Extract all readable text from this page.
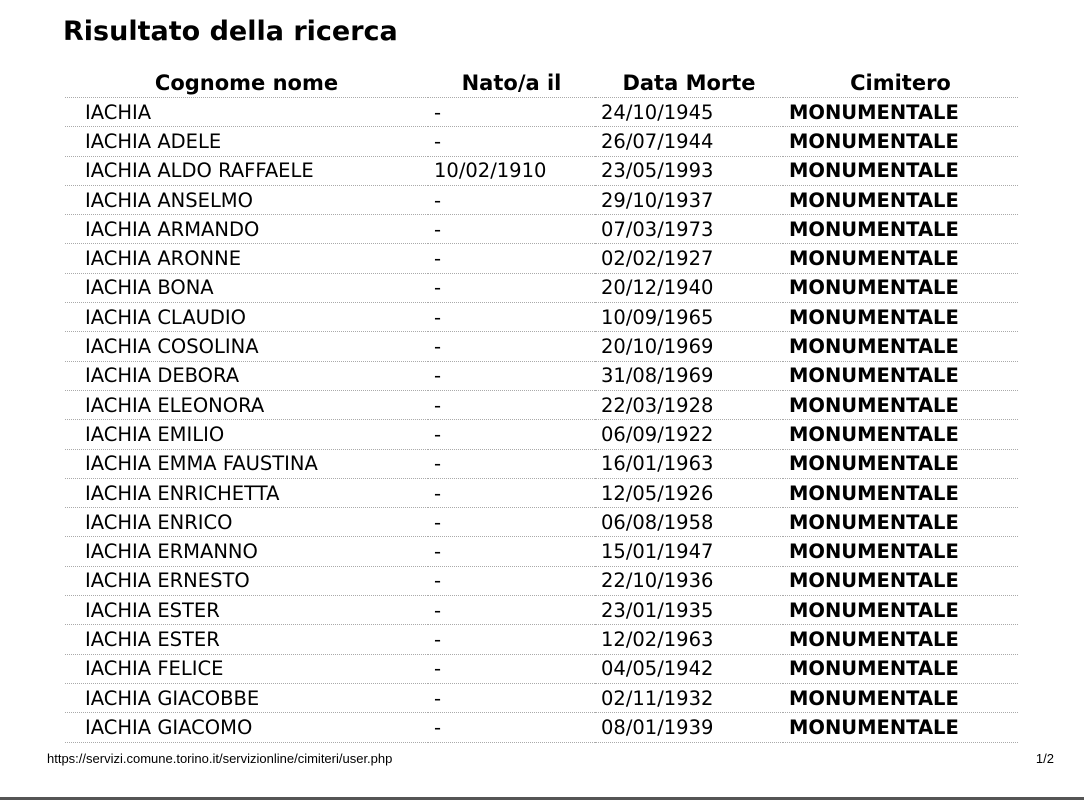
Risultato della ricerca
Cognome nome	Nato/a il	Data Morte	Cimitero
IACHIA	-	24/10/1945	MONUMENTALE
IACHIA ADELE	-	26/07/1944	MONUMENTALE
IACHIA ALDO RAFFAELE	10/02/1910	23/05/1993	MONUMENTALE
IACHIA ANSELMO	-	29/10/1937	MONUMENTALE
IACHIA ARMANDO	-	07/03/1973	MONUMENTALE
IACHIA ARONNE	-	02/02/1927	MONUMENTALE
IACHIA BONA	-	20/12/1940	MONUMENTALE
IACHIA CLAUDIO	-	10/09/1965	MONUMENTALE
IACHIA COSOLINA	-	20/10/1969	MONUMENTALE
IACHIA DEBORA	-	31/08/1969	MONUMENTALE
IACHIA ELEONORA	-	22/03/1928	MONUMENTALE
IACHIA EMILIO	-	06/09/1922	MONUMENTALE
IACHIA EMMA FAUSTINA	-	16/01/1963	MONUMENTALE
IACHIA ENRICHETTA	-	12/05/1926	MONUMENTALE
IACHIA ENRICO	-	06/08/1958	MONUMENTALE
IACHIA ERMANNO	-	15/01/1947	MONUMENTALE
IACHIA ERNESTO	-	22/10/1936	MONUMENTALE
IACHIA ESTER	-	23/01/1935	MONUMENTALE
IACHIA ESTER	-	12/02/1963	MONUMENTALE
IACHIA FELICE	-	04/05/1942	MONUMENTALE
IACHIA GIACOBBE	-	02/11/1932	MONUMENTALE
IACHIA GIACOMO	-	08/01/1939	MONUMENTALE
https://servizi.comune.torino.it/servizionline/cimiteri/user.php	1/2
